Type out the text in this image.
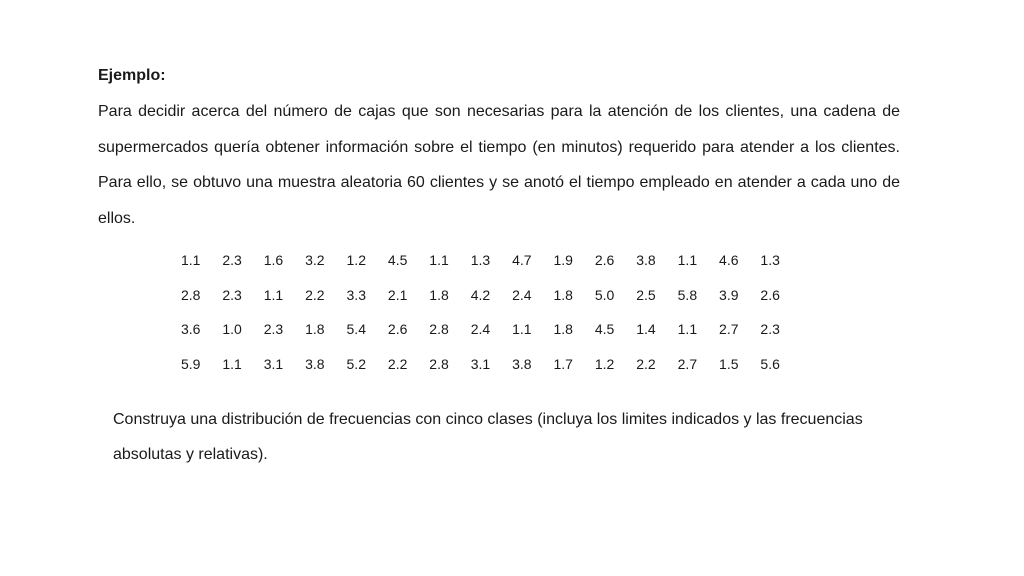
Ejemplo:

Para decidir acerca del número de cajas que son necesarias para la atención de los clientes, una cadena de supermercados quería obtener información sobre el tiempo (en minutos) requerido para atender a los clientes. Para ello, se obtuvo una muestra aleatoria 60 clientes y se anotó el tiempo empleado en atender a cada uno de ellos.

1.1	2.3	1.6	3.2	1.2	4.5	1.1	1.3	4.7	1.9	2.6	3.8	1.1	4.6	1.3
2.8	2.3	1.1	2.2	3.3	2.1	1.8	4.2	2.4	1.8	5.0	2.5	5.8	3.9	2.6
3.6	1.0	2.3	1.8	5.4	2.6	2.8	2.4	1.1	1.8	4.5	1.4	1.1	2.7	2.3
5.9	1.1	3.1	3.8	5.2	2.2	2.8	3.1	3.8	1.7	1.2	2.2	2.7	1.5	5.6

Construya una distribución de frecuencias con cinco clases (incluya los limites indicados y las frecuencias absolutas y relativas).
